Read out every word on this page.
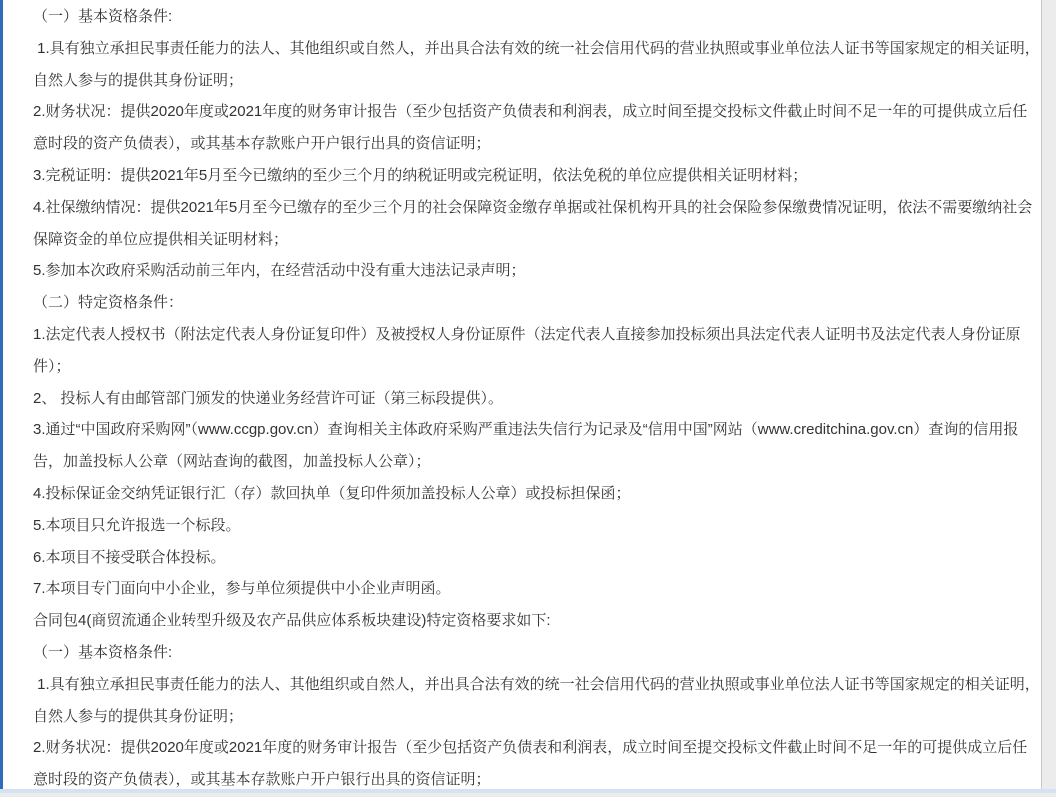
（一）基本资格条件:

1.具有独立承担民事责任能力的法人、其他组织或自然人，并出具合法有效的统一社会信用代码的营业执照或事业单位法人证书等国家规定的相关证明，自然人参与的提供其身份证明；

2.财务状况：提供2020年度或2021年度的财务审计报告（至少包括资产负债表和利润表，成立时间至提交投标文件截止时间不足一年的可提供成立后任意时段的资产负债表），或其基本存款账户开户银行出具的资信证明；

3.完税证明：提供2021年5月至今已缴纳的至少三个月的纳税证明或完税证明，依法免税的单位应提供相关证明材料；

4.社保缴纳情况：提供2021年5月至今已缴存的至少三个月的社会保障资金缴存单据或社保机构开具的社会保险参保缴费情况证明，依法不需要缴纳社会保障资金的单位应提供相关证明材料；

5.参加本次政府采购活动前三年内，在经营活动中没有重大违法记录声明；

（二）特定资格条件：

1.法定代表人授权书（附法定代表人身份证复印件）及被授权人身份证原件（法定代表人直接参加投标须出具法定代表人证明书及法定代表人身份证原件）；

2、 投标人有由邮管部门颁发的快递业务经营许可证（第三标段提供）。

3.通过“中国政府采购网”（www.ccgp.gov.cn）查询相关主体政府采购严重违法失信行为记录及“信用中国”网站（www.creditchina.gov.cn）查询的信用报告，加盖投标人公章（网站查询的截图，加盖投标人公章）；

4.投标保证金交纳凭证银行汇（存）款回执单（复印件须加盖投标人公章）或投标担保函；

5.本项目只允许报选一个标段。

6.本项目不接受联合体投标。

7.本项目专门面向中小企业，参与单位须提供中小企业声明函。

合同包4(商贸流通企业转型升级及农产品供应体系板块建设)特定资格要求如下:

（一）基本资格条件:

1.具有独立承担民事责任能力的法人、其他组织或自然人，并出具合法有效的统一社会信用代码的营业执照或事业单位法人证书等国家规定的相关证明，自然人参与的提供其身份证明；

2.财务状况：提供2020年度或2021年度的财务审计报告（至少包括资产负债表和利润表，成立时间至提交投标文件截止时间不足一年的可提供成立后任意时段的资产负债表），或其基本存款账户开户银行出具的资信证明；
